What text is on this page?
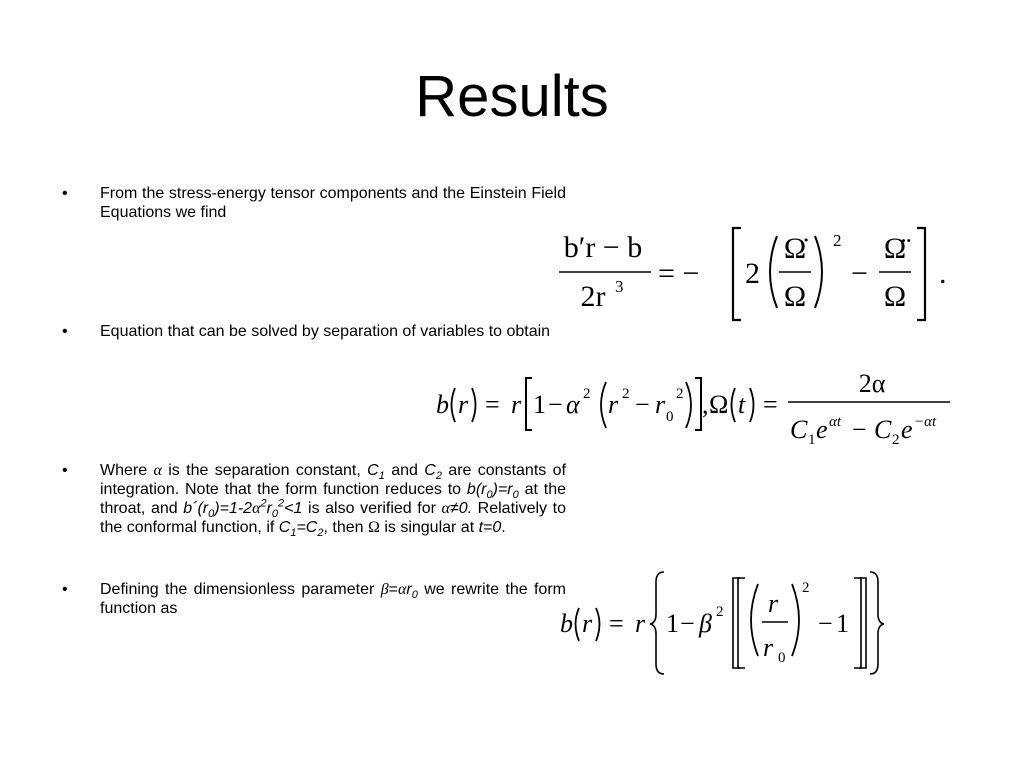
Results
•	From the stress-energy tensor components and the Einstein Field Equations we find
•	Equation that can be solved by separation of variables to obtain
•	Where α is the separation constant, $C_1$ and $C_2$ are constants of integration. Note that the form function reduces to $b(r_0)=r_0$ at the throat, and $b´(r_0)=1-2\alpha^2r_0^2<1$ is also verified for α≠0. Relatively to the conformal function, if $C_1=C_2$, then Ω is singular at t=0.
•	Defining the dimensionless parameter $\beta=\alpha r_0$ we rewrite the form function as
b′r − b
2r 3 = − 2
Ω̇
Ω
2
−
Ω̈
Ω
.
b r = r 1 − α 2 r 2 − r 0
2 , Ω t =
2α
C 1 e αt − C 2 e −αt
b r = r 1 − β 2 r
r 0
2
− 1
